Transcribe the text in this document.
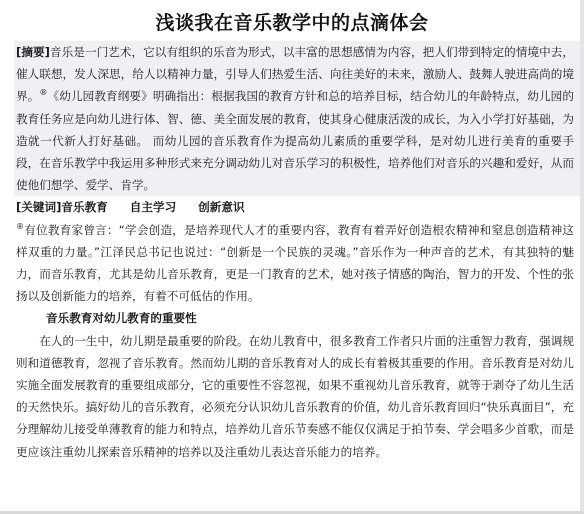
浅谈我在音乐教学中的点滴体会

[摘要]音乐是一门艺术，它以有组织的乐音为形式，以丰富的思想感情为内容，把人们带到特定的情境中去，催人联想，发人深思，给人以精神力量，引导人们热爱生活、向往美好的未来，激励人、鼓舞人驶进高尚的境界。®《幼儿园教育纲要》明确指出：根据我国的教育方针和总的培养目标，结合幼儿的年龄特点，幼儿园的教育任务应是向幼儿进行体、智、德、美全面发展的教育，使其身心健康活泼的成长，为入小学打好基础，为造就一代新人打好基础。 而幼儿园的音乐教育作为提高幼儿素质的重要学科，是对幼儿进行美育的重要手段，在音乐教学中我运用多种形式来充分调动幼儿对音乐学习的积极性，培养他们对音乐的兴趣和爱好，从而使他们想学、爱学、肯学。

[关键词]音乐教育 自主学习 创新意识

®有位教育家曾言：“学会创造，是培养现代人才的重要内容，教育有着弄好创造根农精神和窒息创造精神这样双重的力量。”江泽民总书记也说过：“创新是一个民族的灵魂。”音乐作为一种声音的艺术，有其独特的魅力，而音乐教育，尤其是幼儿音乐教育，更是一门教育的艺术，她对孩子情感的陶治，智力的开发、个性的张扬以及创新能力的培养，有着不可低估的作用。

音乐教育对幼儿教育的重要性

在人的一生中，幼儿期是最重要的阶段。在幼儿教育中，很多教育工作者只片面的注重智力教育，强调规则和道德教育，忽视了音乐教育。然而幼儿期的音乐教育对人的成长有着极其重要的作用。音乐教育是对幼儿实施全面发展教育的重要组成部分，它的重要性不容忽视，如果不重视幼儿音乐教育，就等于剥夺了幼儿生活的天然快乐。搞好幼儿的音乐教育，必须充分认识幼儿音乐教育的价值，幼儿音乐教育回归“快乐真面目”，充分理解幼儿接受单薄教育的能力和特点，培养幼儿音乐节奏感不能仅仅满足于拍节奏、学会唱多少首歌，而是更应该注重幼儿探索音乐精神的培养以及注重幼儿表达音乐能力的培养。
